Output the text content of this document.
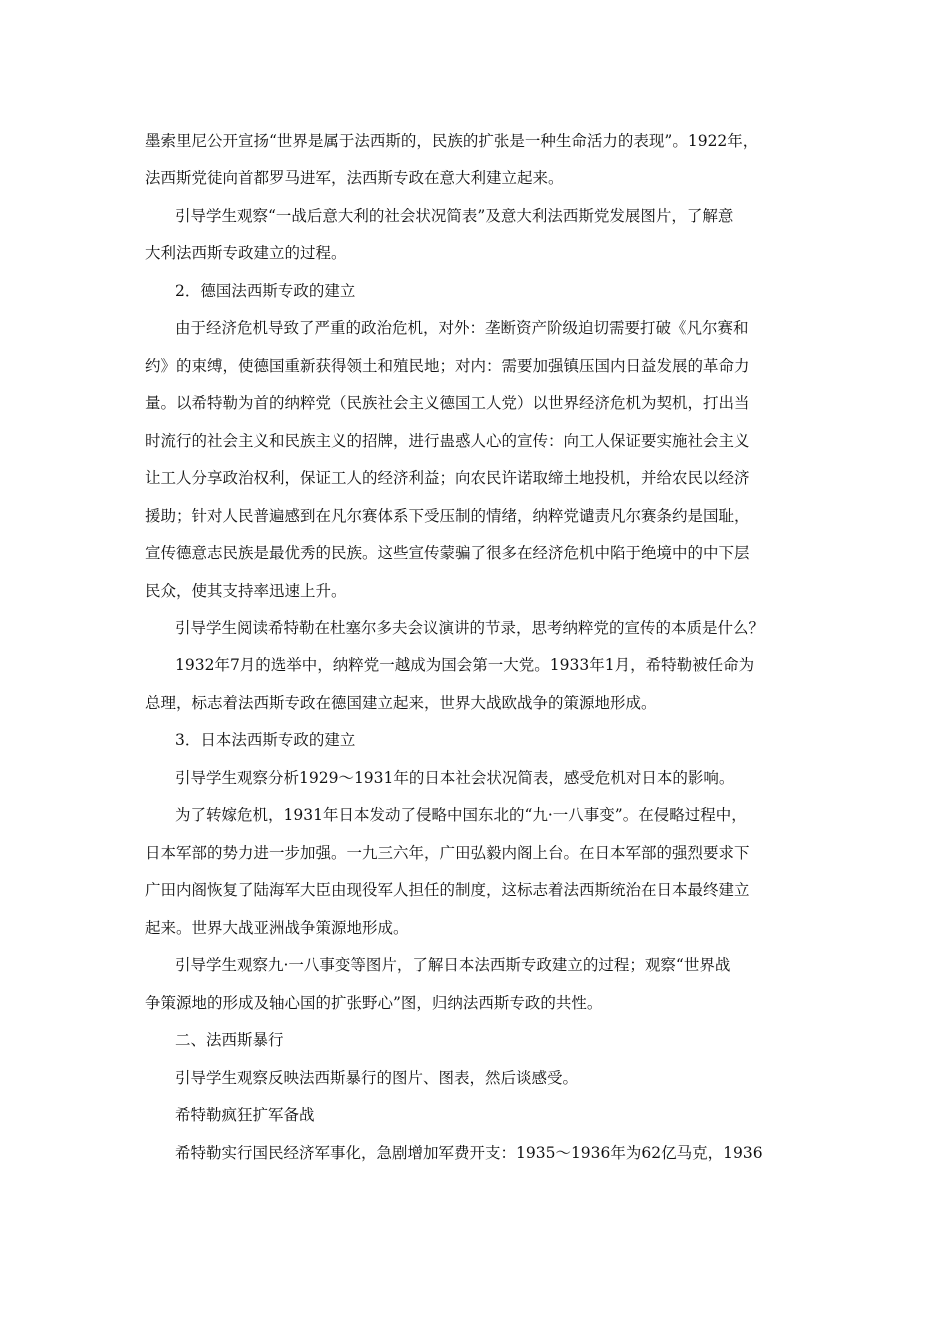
墨索里尼公开宣扬“世界是属于法西斯的，民族的扩张是一种生命活力的表现”。1922年，
法西斯党徒向首都罗马进军，法西斯专政在意大利建立起来。
引导学生观察“一战后意大利的社会状况简表”及意大利法西斯党发展图片，了解意
大利法西斯专政建立的过程。
2．德国法西斯专政的建立
由于经济危机导致了严重的政治危机，对外：垄断资产阶级迫切需要打破《凡尔赛和
约》的束缚，使德国重新获得领土和殖民地；对内：需要加强镇压国内日益发展的革命力
量。以希特勒为首的纳粹党（民族社会主义德国工人党）以世界经济危机为契机，打出当
时流行的社会主义和民族主义的招牌，进行蛊惑人心的宣传：向工人保证要实施社会主义
让工人分享政治权利，保证工人的经济利益；向农民许诺取缔土地投机，并给农民以经济
援助；针对人民普遍感到在凡尔赛体系下受压制的情绪，纳粹党谴责凡尔赛条约是国耻，
宣传德意志民族是最优秀的民族。这些宣传蒙骗了很多在经济危机中陷于绝境中的中下层
民众，使其支持率迅速上升。
引导学生阅读希特勒在杜塞尔多夫会议演讲的节录，思考纳粹党的宣传的本质是什么？
1932年7月的选举中，纳粹党一越成为国会第一大党。1933年1月，希特勒被任命为
总理，标志着法西斯专政在德国建立起来，世界大战欧战争的策源地形成。
3．日本法西斯专政的建立
引导学生观察分析1929～1931年的日本社会状况简表，感受危机对日本的影响。
为了转嫁危机，1931年日本发动了侵略中国东北的“九·一八事变”。在侵略过程中，
日本军部的势力进一步加强。一九三六年，广田弘毅内阁上台。在日本军部的强烈要求下
广田内阁恢复了陆海军大臣由现役军人担任的制度，这标志着法西斯统治在日本最终建立
起来。世界大战亚洲战争策源地形成。
引导学生观察九·一八事变等图片，了解日本法西斯专政建立的过程；观察“世界战
争策源地的形成及轴心国的扩张野心”图，归纳法西斯专政的共性。
二、法西斯暴行
引导学生观察反映法西斯暴行的图片、图表，然后谈感受。
希特勒疯狂扩军备战
希特勒实行国民经济军事化，急剧增加军费开支：1935～1936年为62亿马克，1936
